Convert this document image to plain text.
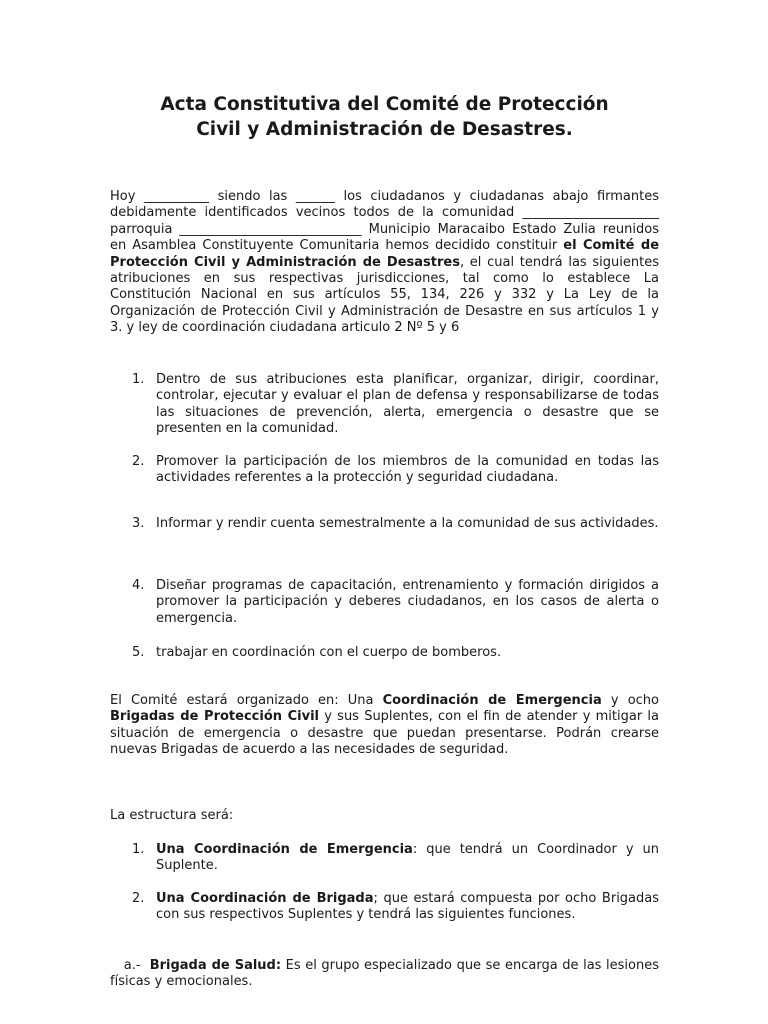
Acta Constitutiva del Comité de Protección
Civil y Administración de Desastres.

Hoy __________ siendo las ______ los ciudadanos y ciudadanas abajo firmantes debidamente identificados vecinos todos de la comunidad _____________________ parroquia ____________________________ Municipio Maracaibo Estado Zulia reunidos en Asamblea Constituyente Comunitaria hemos decidido constituir el Comité de Protección Civil y Administración de Desastres, el cual tendrá las siguientes atribuciones en sus respectivas jurisdicciones, tal como lo establece La Constitución Nacional en sus artículos 55, 134, 226 y 332 y La Ley de la Organización de Protección Civil y Administración de Desastre en sus artículos 1 y 3. y ley de coordinación ciudadana articulo 2 Nº 5 y 6

1. Dentro de sus atribuciones esta planificar, organizar, dirigir, coordinar, controlar, ejecutar y evaluar el plan de defensa y responsabilizarse de todas las situaciones de prevención, alerta, emergencia o desastre que se presenten en la comunidad.
2. Promover la participación de los miembros de la comunidad en todas las actividades referentes a la protección y seguridad ciudadana.
3. Informar y rendir cuenta semestralmente a la comunidad de sus actividades.
4. Diseñar programas de capacitación, entrenamiento y formación dirigidos a promover la participación y deberes ciudadanos, en los casos de alerta o emergencia.
5. trabajar en coordinación con el cuerpo de bomberos.

El Comité estará organizado en: Una Coordinación de Emergencia y ocho Brigadas de Protección Civil y sus Suplentes, con el fin de atender y mitigar la situación de emergencia o desastre que puedan presentarse. Podrán crearse nuevas Brigadas de acuerdo a las necesidades de seguridad.

La estructura será:

1. Una Coordinación de Emergencia: que tendrá un Coordinador y un Suplente.
2. Una Coordinación de Brigada; que estará compuesta por ocho Brigadas con sus respectivos Suplentes y tendrá las siguientes funciones.

a.-  Brigada de Salud: Es el grupo especializado que se encarga de las lesiones físicas y emocionales.
